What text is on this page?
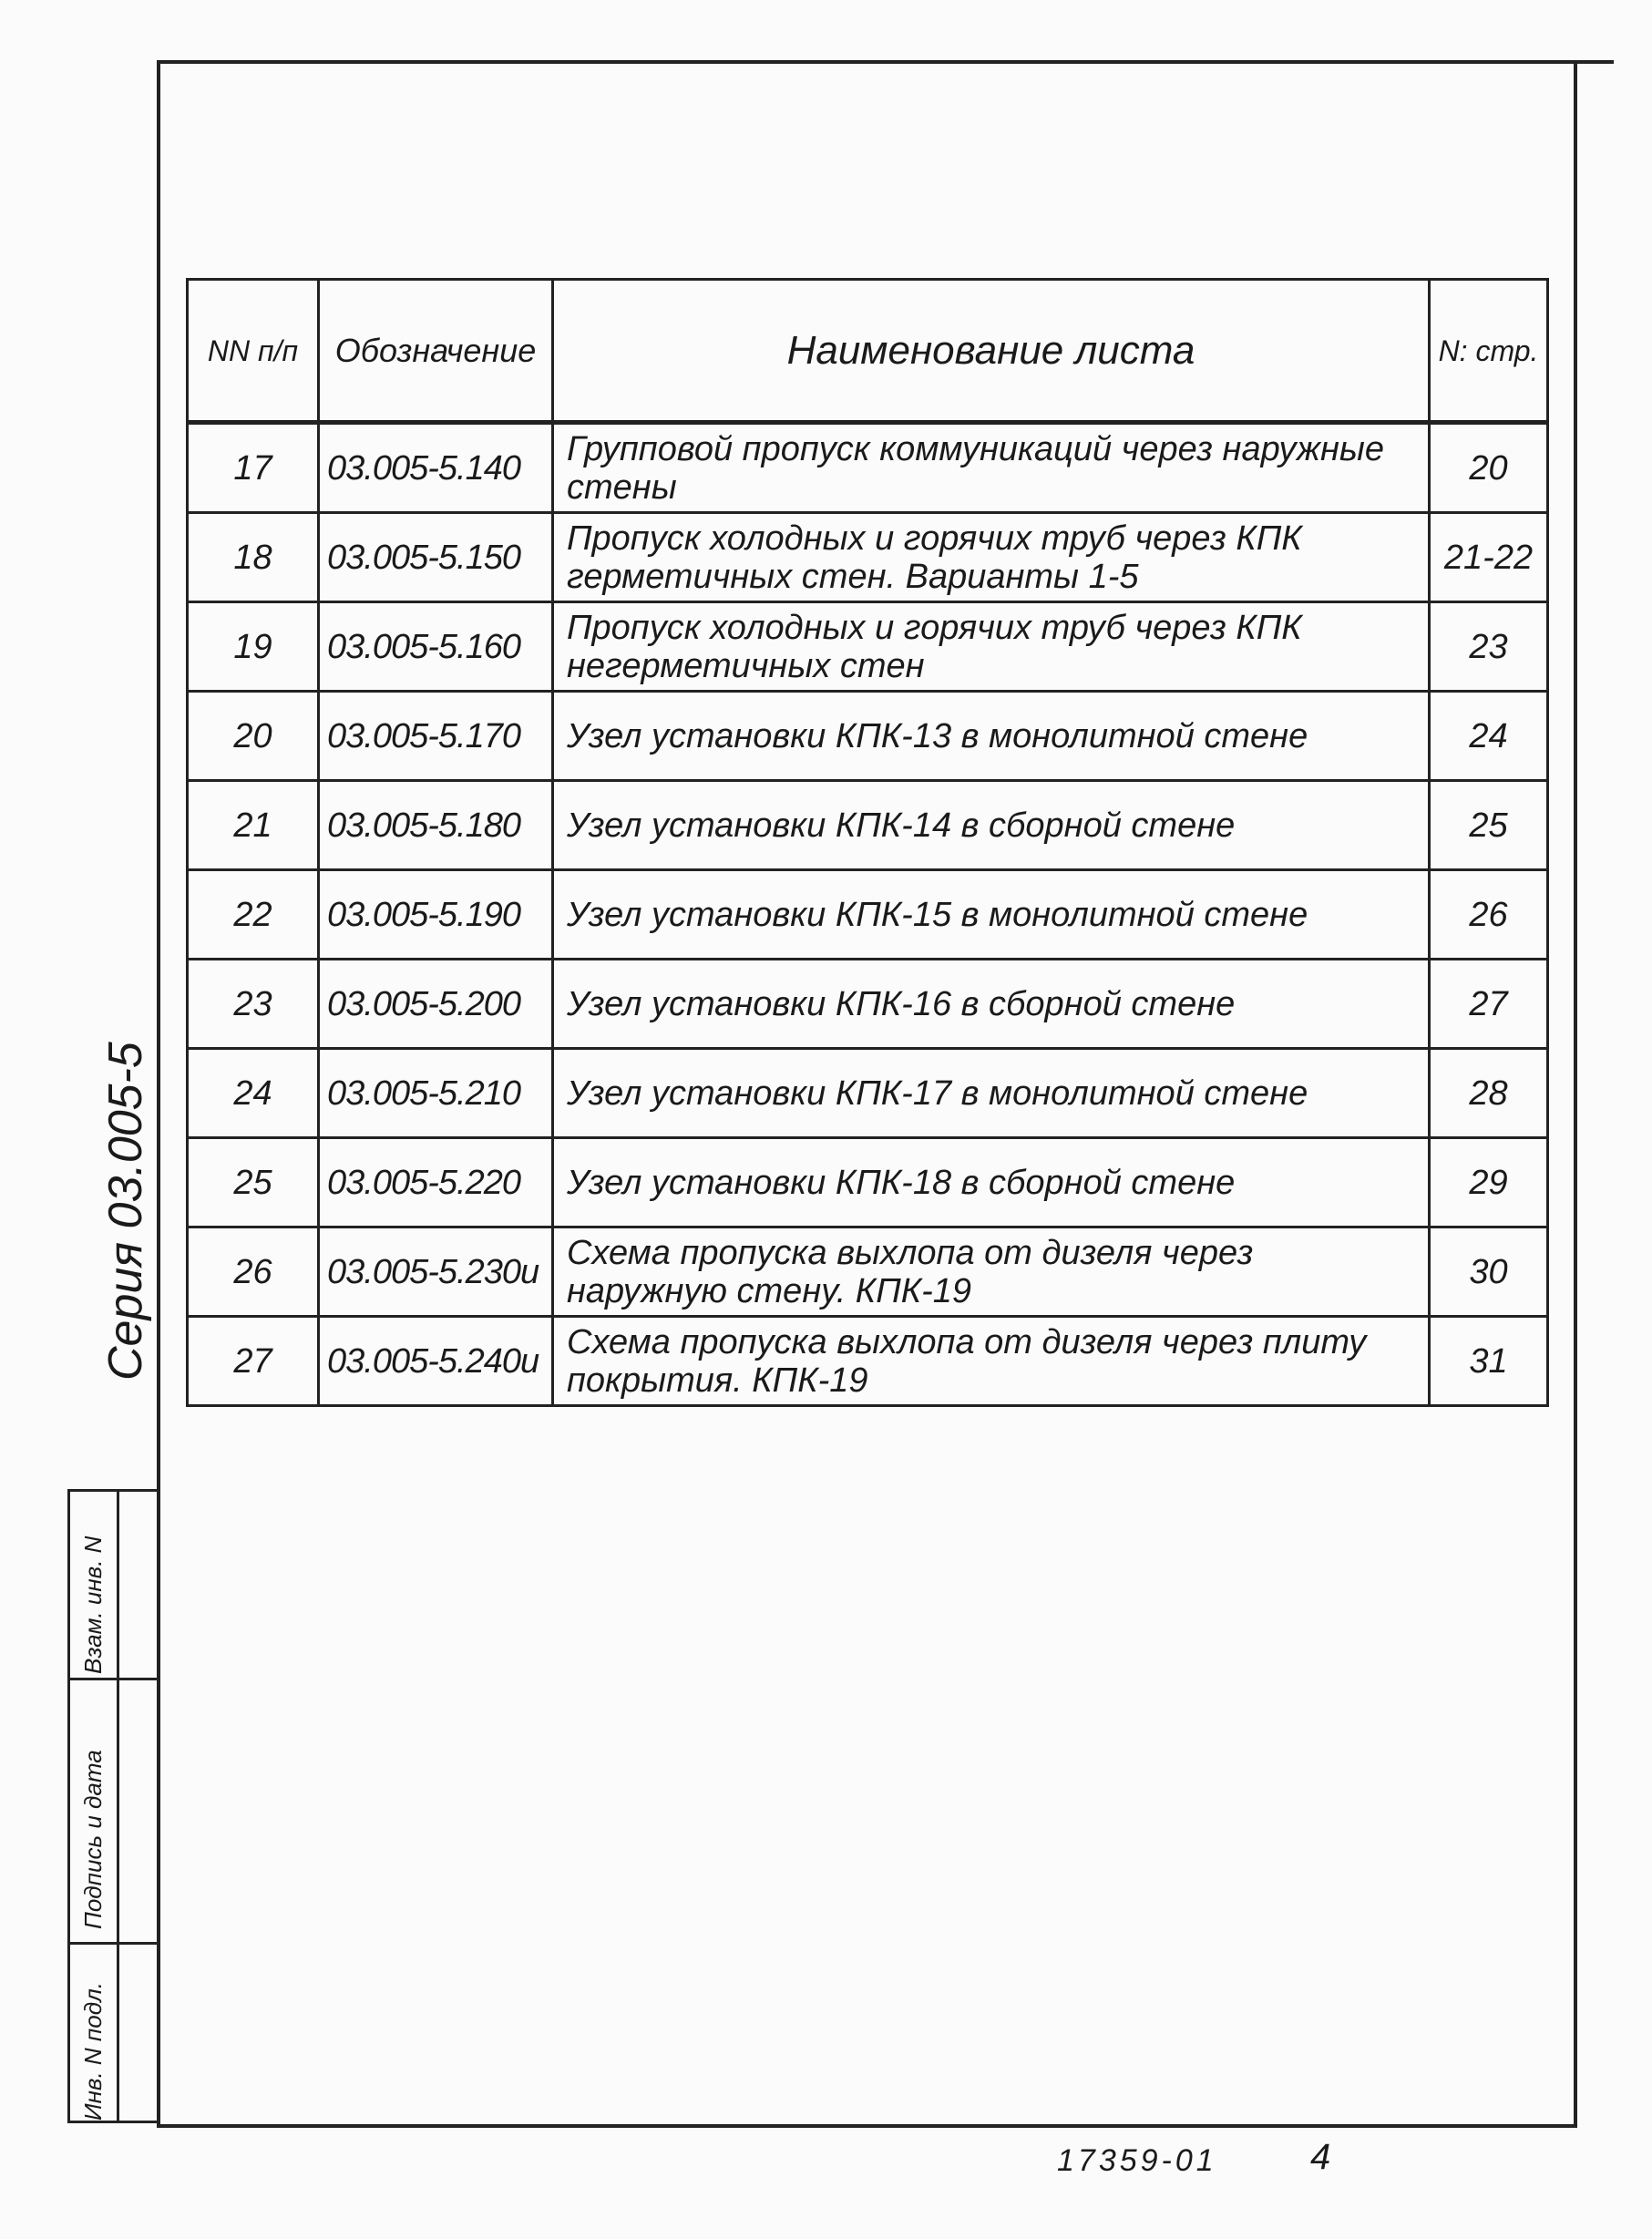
Серия 03.005-5
NN п/п	Обозначение	Наименование листа	N: стр.
17	03.005-5.140	Групповой пропуск коммуникаций через наружные стены	20
18	03.005-5.150	Пропуск холодных и горячих труб через КПК герметичных стен. Варианты 1-5	21-22
19	03.005-5.160	Пропуск холодных и горячих труб через КПК негерметичных стен	23
20	03.005-5.170	Узел установки КПК-13 в монолитной стене	24
21	03.005-5.180	Узел установки КПК-14 в сборной стене	25
22	03.005-5.190	Узел установки КПК-15 в монолитной стене	26
23	03.005-5.200	Узел установки КПК-16 в сборной стене	27
24	03.005-5.210	Узел установки КПК-17 в монолитной стене	28
25	03.005-5.220	Узел установки КПК-18 в сборной стене	29
26	03.005-5.230и	Схема пропуска выхлопа от дизеля через наружную стену. КПК-19	30
27	03.005-5.240и	Схема пропуска выхлопа от дизеля через плиту покрытия. КПК-19	31
Взам. инв. N
Подпись и дата
Инв. N подл.
17359-01	4
